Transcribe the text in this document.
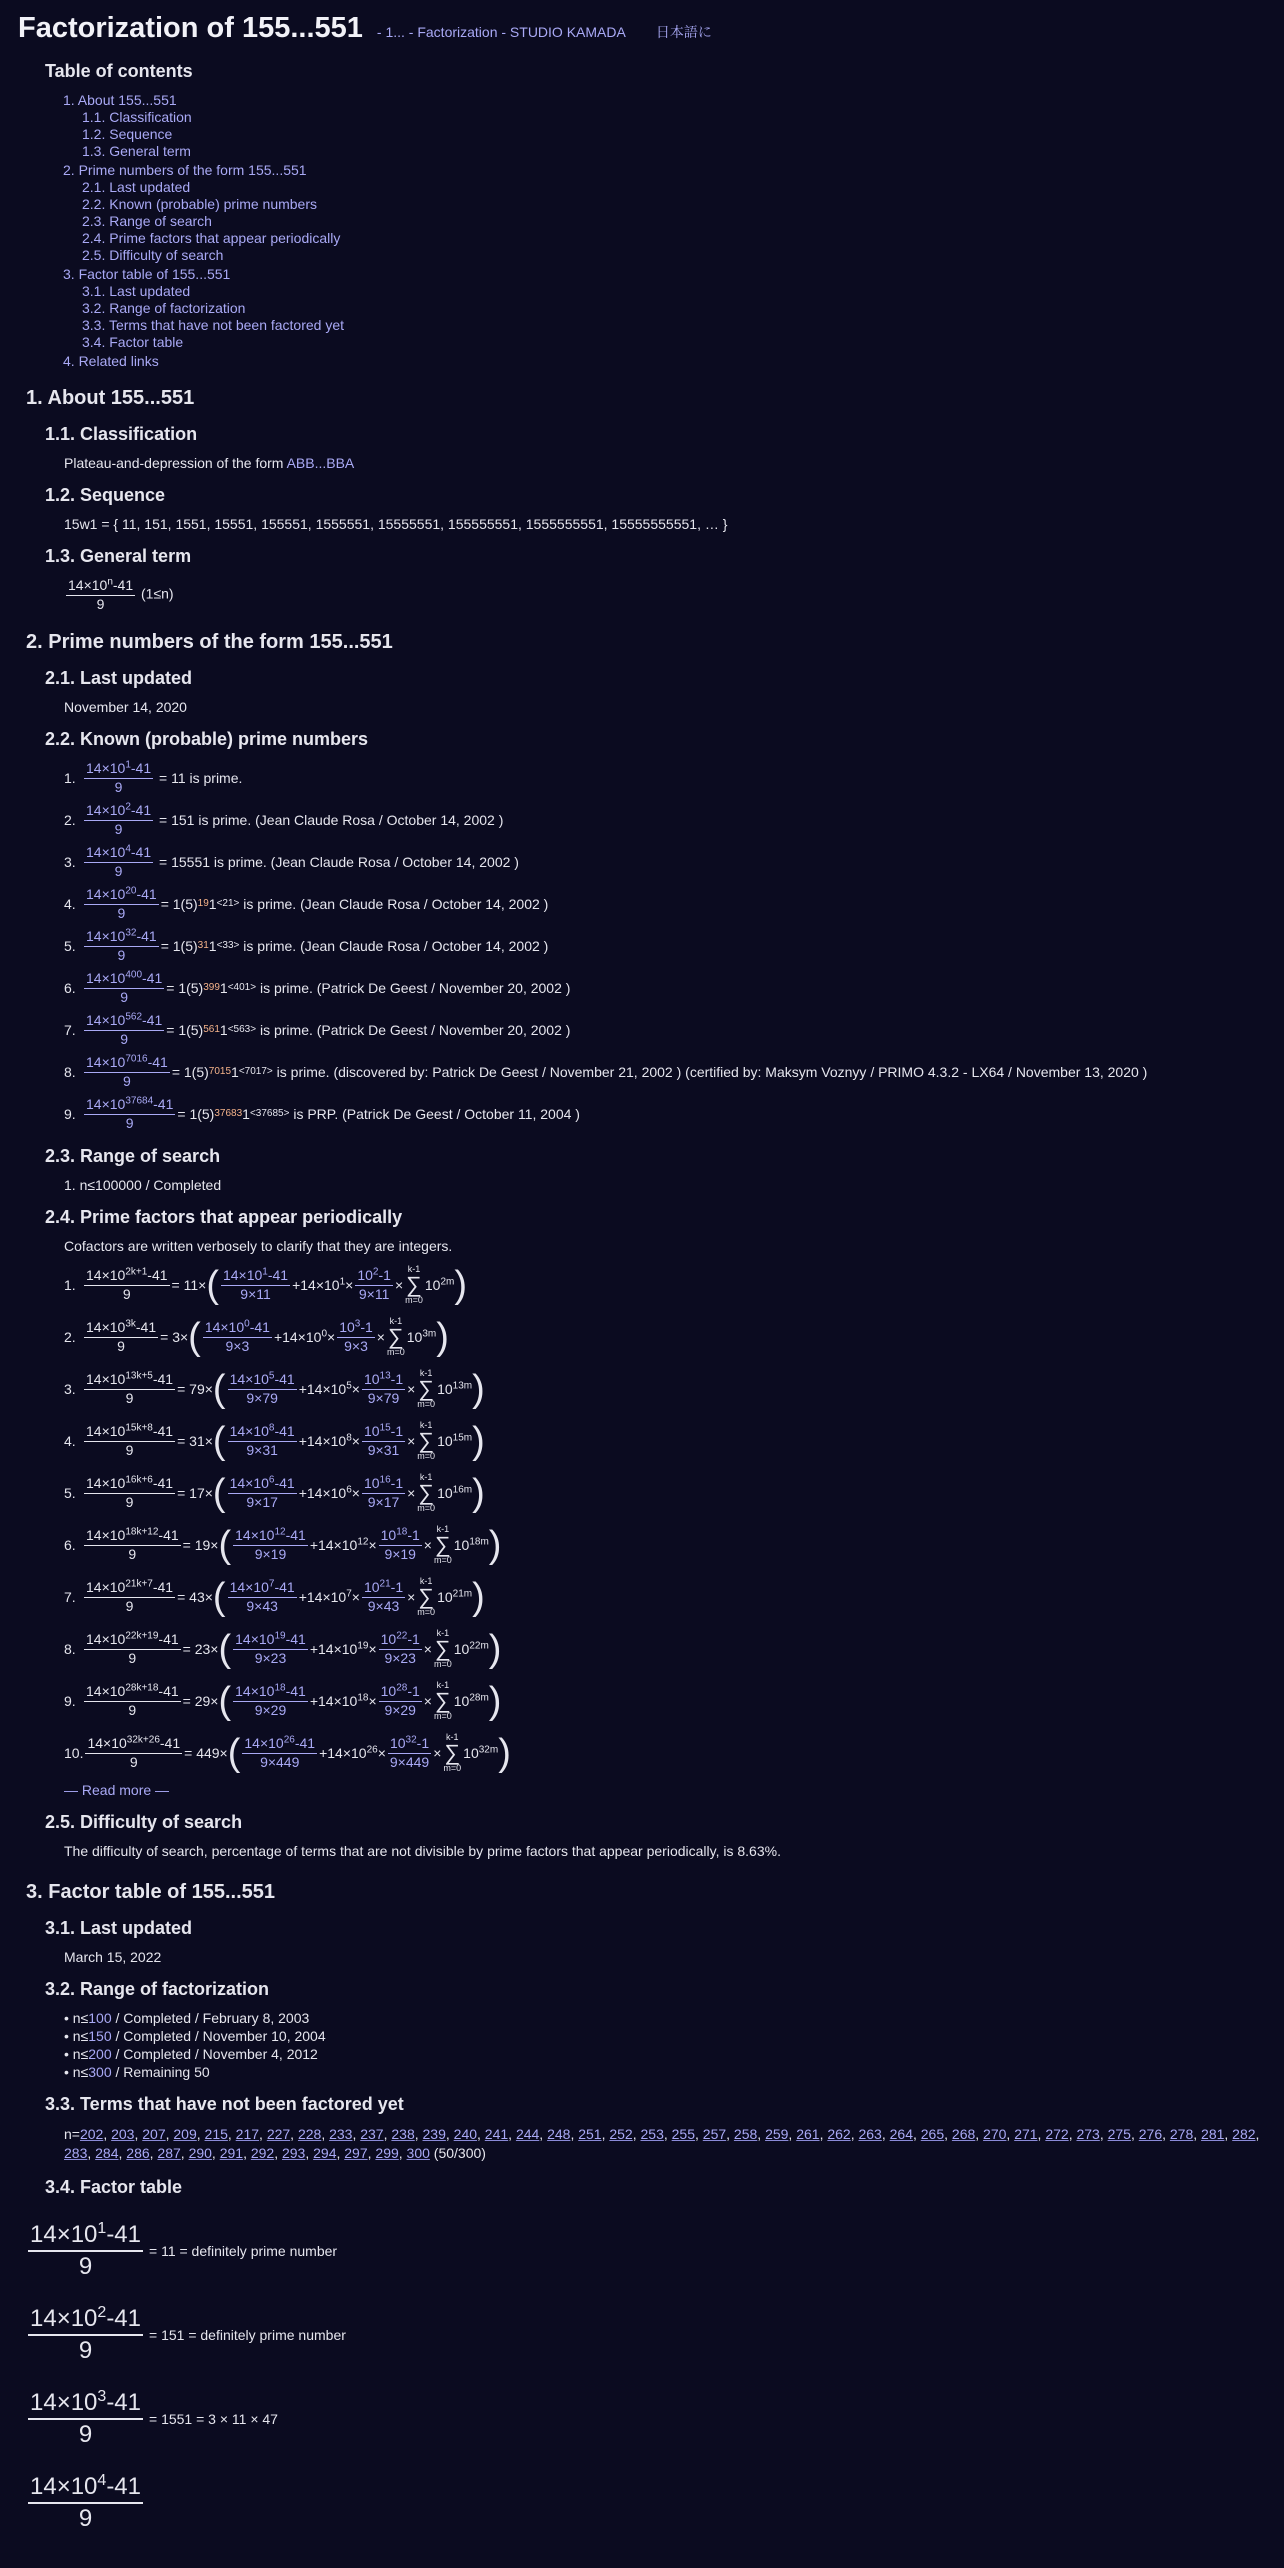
Factorization of 155...551 - 1... - Factorization - STUDIO KAMADA 日本語に
Table of contents
1. About 155...551
1.1. Classification
1.2. Sequence
1.3. General term
2. Prime numbers of the form 155...551
2.1. Last updated
2.2. Known (probable) prime numbers
2.3. Range of search
2.4. Prime factors that appear periodically
2.5. Difficulty of search
3. Factor table of 155...551
3.1. Last updated
3.2. Range of factorization
3.3. Terms that have not been factored yet
3.4. Factor table
4. Related links
1. About 155...551
1.1. Classification
Plateau-and-depression of the form ABB...BBA
1.2. Sequence
15w1 = { 11, 151, 1551, 15551, 155551, 1555551, 15555551, 155555551, 1555555551, 15555555551, … }
1.3. General term
$\frac{14\times 10^n-41}{9} (1\le n)$
2. Prime numbers of the form 155...551
2.1. Last updated
November 14, 2020
2.2. Known (probable) prime numbers
1. $\frac{14\times 10^1-41}{9} = 11$ is prime.
2. $\frac{14\times 10^2-41}{9} = 151$ is prime. (Jean Claude Rosa / October 14, 2002 )
3. $\frac{14\times 10^4-41}{9} = 15551$ is prime. (Jean Claude Rosa / October 14, 2002 )
4. $\frac{14\times 10^{20}-41}{9} = 1(5)$ 19 1 <21> is prime. (Jean Claude Rosa / October 14, 2002 )
5. $\frac{14\times 10^{32}-41}{9} = 1(5)$ 31 1 <33> is prime. (Jean Claude Rosa / October 14, 2002 )
6. $\frac{14\times 10^{400}-41}{9} = 1(5)$ 399 1 <401> is prime. (Patrick De Geest / November 20, 2002 )
7. $\frac{14\times 10^{562}-41}{9} = 1(5)$ 561 1 <563> is prime. (Patrick De Geest / November 20, 2002 )
8. $\frac{14\times 10^{7016}-41}{9} = 1(5)$ 7015 1 <7017> is prime. (discovered by: Patrick De Geest / November 21, 2002 ) (certified by: Maksym Voznyy / PRIMO 4.3.2 - LX64 / November 13, 2020 )
9. $\frac{14\times 10^{37684}-41}{9} = 1(5)$ 37683 1 <37685> is PRP. (Patrick De Geest / October 11, 2004 )
2.3. Range of search
1. n≤100000 / Completed
2.4. Prime factors that appear periodically
Cofactors are written verbosely to clarify that they are integers.
1. $\frac{14\times 10^{2k+1}-41}{9} = 11\times$ ( $\frac{14\times 10^1-41}{9\times 11} +14\times 10^1\times \frac{10^2-1}{9\times 11}$ ×
k-1
∑
m=0
$10^{2m}$ )
2. $\frac{14\times 10^{3k}-41}{9} = 3\times$ ( $\frac{14\times 10^0-41}{9\times 3} +14\times 10^0\times \frac{10^3-1}{9\times 3}$ ×
k-1
∑
m=0
$10^{3m}$ )
3. $\frac{14\times 10^{13k+5}-41}{9} = 79\times$ ( $\frac{14\times 10^5-41}{9\times 79} +14\times 10^5\times \frac{10^{13}-1}{9\times 79}$ ×
k-1
∑
m=0
$10^{13m}$ )
4. $\frac{14\times 10^{15k+8}-41}{9} = 31\times$ ( $\frac{14\times 10^8-41}{9\times 31} +14\times 10^8\times \frac{10^{15}-1}{9\times 31}$ ×
k-1
∑
m=0
$10^{15m}$ )
5. $\frac{14\times 10^{16k+6}-41}{9} = 17\times$ ( $\frac{14\times 10^6-41}{9\times 17} +14\times 10^6\times \frac{10^{16}-1}{9\times 17}$ ×
k-1
∑
m=0
$10^{16m}$ )
6. $\frac{14\times 10^{18k+12}-41}{9} = 19\times$ ( $\frac{14\times 10^{12}-41}{9\times 19} +14\times 10^{12}\times \frac{10^{18}-1}{9\times 19}$ ×
k-1
∑
m=0
$10^{18m}$ )
7. $\frac{14\times 10^{21k+7}-41}{9} = 43\times$ ( $\frac{14\times 10^7-41}{9\times 43} +14\times 10^7\times \frac{10^{21}-1}{9\times 43}$ ×
k-1
∑
m=0
$10^{21m}$ )
8. $\frac{14\times 10^{22k+19}-41}{9} = 23\times$ ( $\frac{14\times 10^{19}-41}{9\times 23} +14\times 10^{19}\times \frac{10^{22}-1}{9\times 23}$ ×
k-1
∑
m=0
$10^{22m}$ )
9. $\frac{14\times 10^{28k+18}-41}{9} = 29\times$ ( $\frac{14\times 10^{18}-41}{9\times 29} +14\times 10^{18}\times \frac{10^{28}-1}{9\times 29}$ ×
k-1
∑
m=0
$10^{28m}$ )
10. $\frac{14\times 10^{32k+26}-41}{9} = 449\times$ ( $\frac{14\times 10^{26}-41}{9\times 449} +14\times 10^{26}\times \frac{10^{32}-1}{9\times 449}$ ×
k-1
∑
m=0
$10^{32m}$ )
— Read more —
2.5. Difficulty of search
The difficulty of search, percentage of terms that are not divisible by prime factors that appear periodically, is 8.63%.
3. Factor table of 155...551
3.1. Last updated
March 15, 2022
3.2. Range of factorization
• n≤100 / Completed / February 8, 2003
• n≤150 / Completed / November 10, 2004
• n≤200 / Completed / November 4, 2012
• n≤300 / Remaining 50
3.3. Terms that have not been factored yet
n=202, 203, 207, 209, 215, 217, 227, 228, 233, 237, 238, 239, 240, 241, 244, 248, 251, 252, 253, 255, 257, 258, 259, 261, 262, 263, 264, 265, 268, 270, 271, 272, 273, 275, 276, 278, 281, 282, 283, 284, 286, 287, 290, 291, 292, 293, 294, 297, 299, 300 (50/300)
3.4. Factor table
$\frac{14\times 10^1-41}{9} = 11$ = definitely prime number
$\frac{14\times 10^2-41}{9} = 151$ = definitely prime number
$\frac{14\times 10^3-41}{9} = 1551 = 3 \times 11 \times 47$
$\frac{14\times 10^4-41}{9}$
